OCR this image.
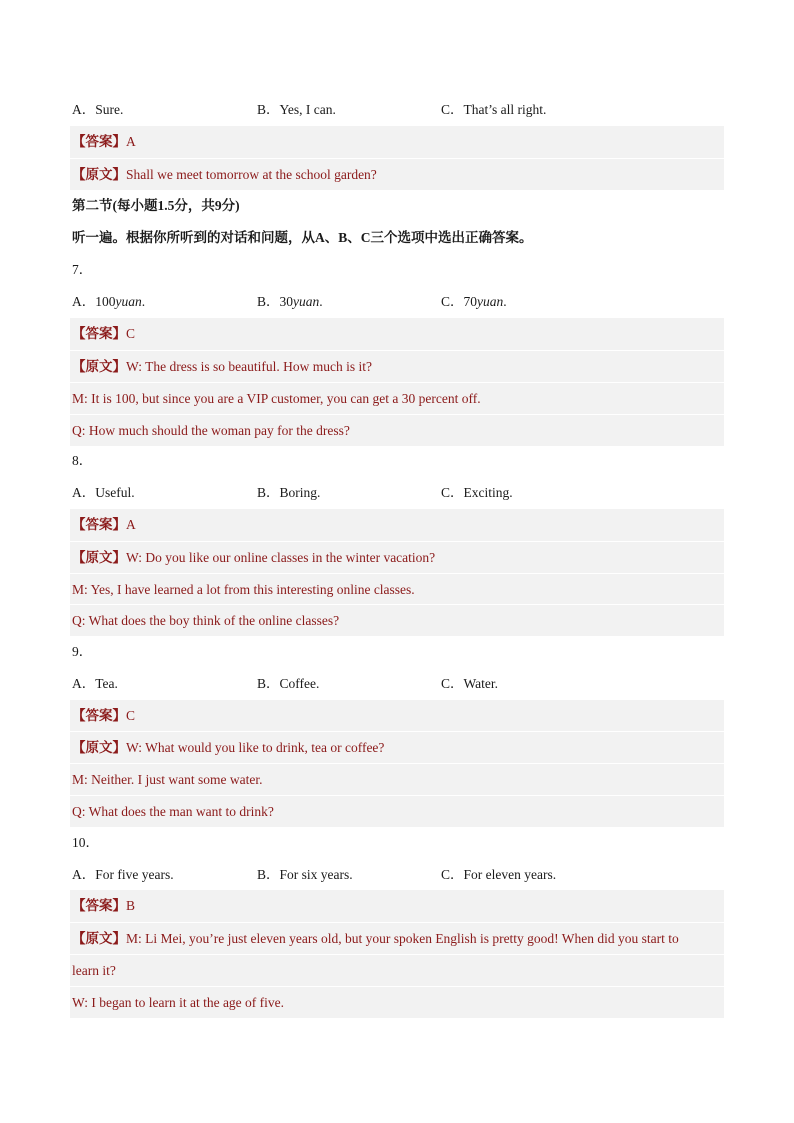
A．Sure.	B．Yes, I can.	C．That’s all right.
【答案】A
【原文】Shall we meet tomorrow at the school garden?
第二节(每小题1.5分，共9分)
听一遍。根据你所听到的对话和问题，从A、B、C三个选项中选出正确答案。
7．
A．100yuan.	B．30yuan.	C．70yuan.
【答案】C
【原文】W: The dress is so beautiful. How much is it?
M: It is 100, but since you are a VIP customer, you can get a 30 percent off.
Q: How much should the woman pay for the dress?
8．
A．Useful.	B．Boring.	C．Exciting.
【答案】A
【原文】W: Do you like our online classes in the winter vacation?
M: Yes, I have learned a lot from this interesting online classes.
Q: What does the boy think of the online classes?
9．
A．Tea.	B．Coffee.	C．Water.
【答案】C
【原文】W: What would you like to drink, tea or coffee?
M: Neither. I just want some water.
Q: What does the man want to drink?
10．
A．For five years.	B．For six years.	C．For eleven years.
【答案】B
【原文】M: Li Mei, you’re just eleven years old, but your spoken English is pretty good! When did you start to
learn it?
W: I began to learn it at the age of five.
